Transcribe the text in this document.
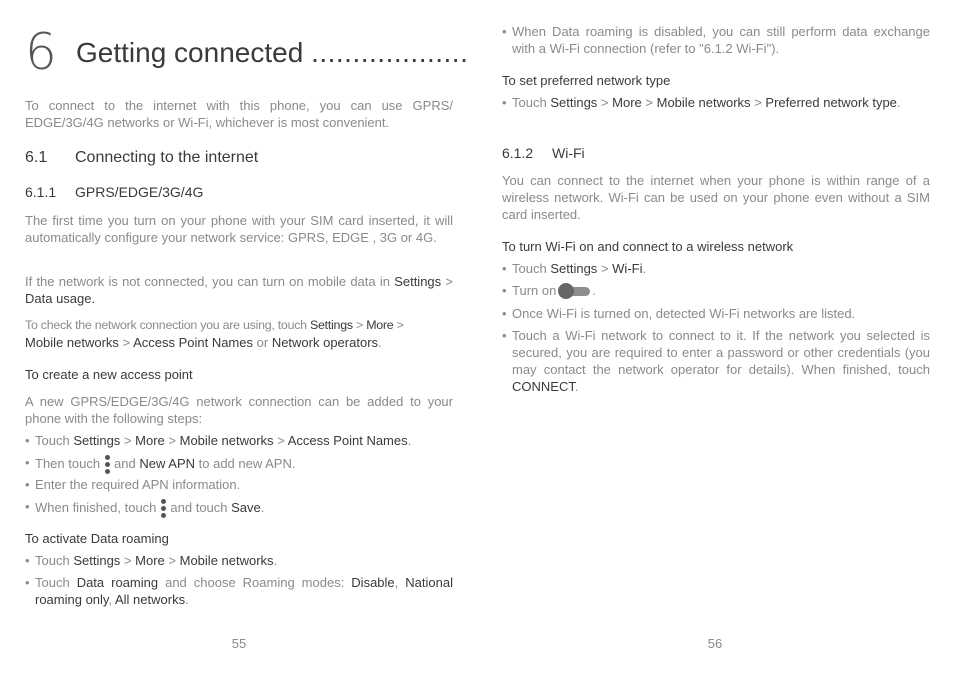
6 Getting connected ...................

To connect to the internet with this phone, you can use GPRS/ EDGE/3G/4G networks or Wi-Fi, whichever is most convenient.

6.1 Connecting to the internet
6.1.1 GPRS/EDGE/3G/4G

The first time you turn on your phone with your SIM card inserted, it will automatically configure your network service: GPRS, EDGE , 3G or 4G.

If the network is not connected, you can turn on mobile data in Settings > Data usage.

To check the network connection you are using, touch Settings > More >

Mobile networks > Access Point Names or Network operators.

To create a new access point

A new GPRS/EDGE/3G/4G network connection can be added to your phone with the following steps:

• Touch Settings > More > Mobile networks > Access Point Names.
• Then touch and New APN to add new APN.
• Enter the required APN information.
• When finished, touch and touch Save.
To activate Data roaming
• Touch Settings > More > Mobile networks.
• Touch Data roaming and choose Roaming modes: Disable, National roaming only, All networks.
55
• When Data roaming is disabled, you can still perform data exchange with a Wi-Fi connection (refer to "6.1.2 Wi-Fi").
To set preferred network type
• Touch Settings > More > Mobile networks > Preferred network type.
6.1.2 Wi-Fi

You can connect to the internet when your phone is within range of a wireless network. Wi-Fi can be used on your phone even without a SIM card inserted.

To turn Wi-Fi on and connect to a wireless network
• Touch Settings > Wi-Fi.
• Turn on	.
• Once Wi-Fi is turned on, detected Wi-Fi networks are listed.
• Touch a Wi-Fi network to connect to it. If the network you selected is secured, you are required to enter a password or other credentials (you may contact the network operator for details). When finished, touch CONNECT.
56
